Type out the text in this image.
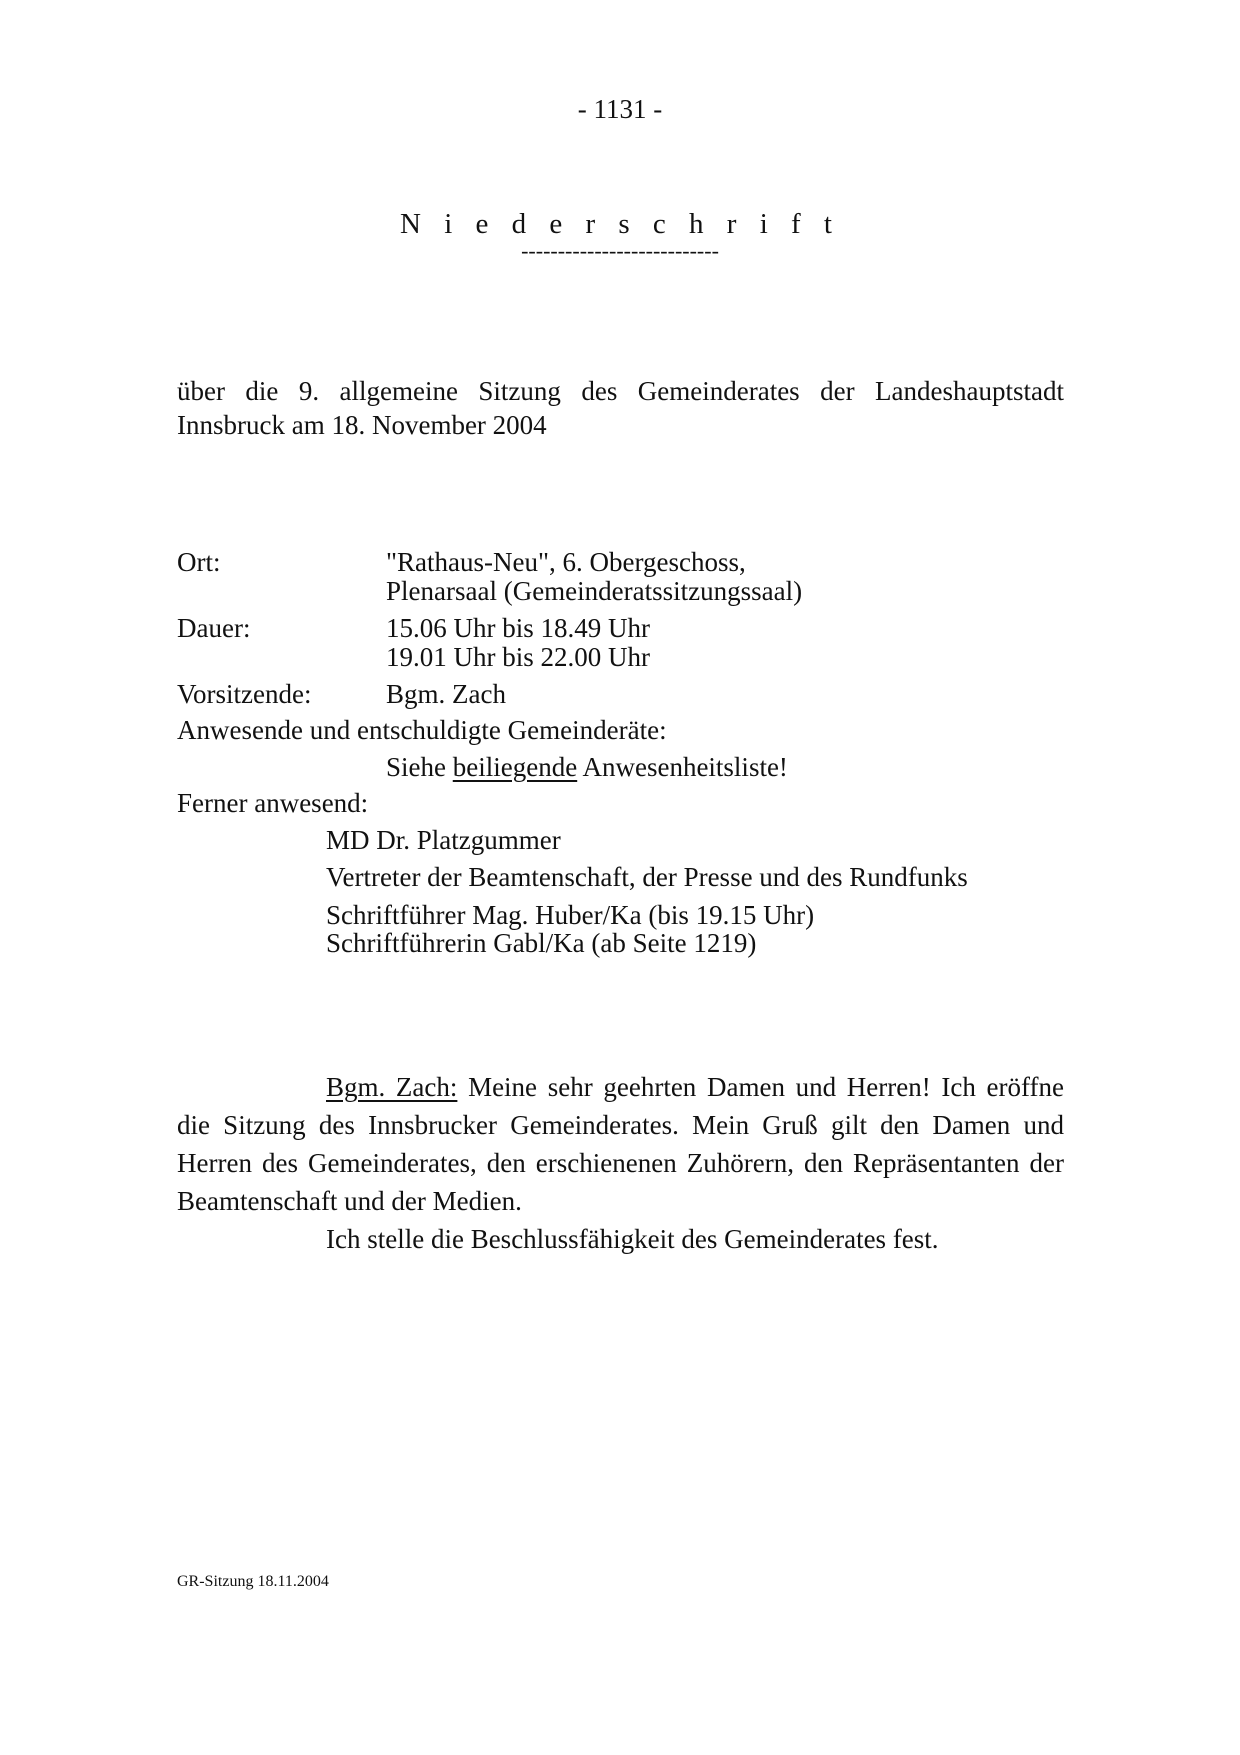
- 1131 -
N i e d e r s c h r i f t
---------------------------
über die 9. allgemeine Sitzung des Gemeinderates der Landeshauptstadt
Innsbruck am 18. November 2004
Ort:	"Rathaus-Neu", 6. Obergeschoss,
Plenarsaal (Gemeinderatssitzungssaal)
Dauer:	15.06 Uhr bis 18.49 Uhr
19.01 Uhr bis 22.00 Uhr
Vorsitzende:	Bgm. Zach
Anwesende und entschuldigte Gemeinderäte:
Siehe beiliegende Anwesenheitsliste!
Ferner anwesend:
MD Dr. Platzgummer
Vertreter der Beamtenschaft, der Presse und des Rundfunks
Schriftführer Mag. Huber/Ka (bis 19.15 Uhr)
Schriftführerin Gabl/Ka (ab Seite 1219)

Bgm. Zach: Meine sehr geehrten Damen und Herren! Ich eröffne die Sitzung des Innsbrucker Gemeinderates. Mein Gruß gilt den Damen und Herren des Gemeinderates, den erschienenen Zuhörern, den Repräsentanten der Beamtenschaft und der Medien.

Ich stelle die Beschlussfähigkeit des Gemeinderates fest.

GR-Sitzung 18.11.2004
